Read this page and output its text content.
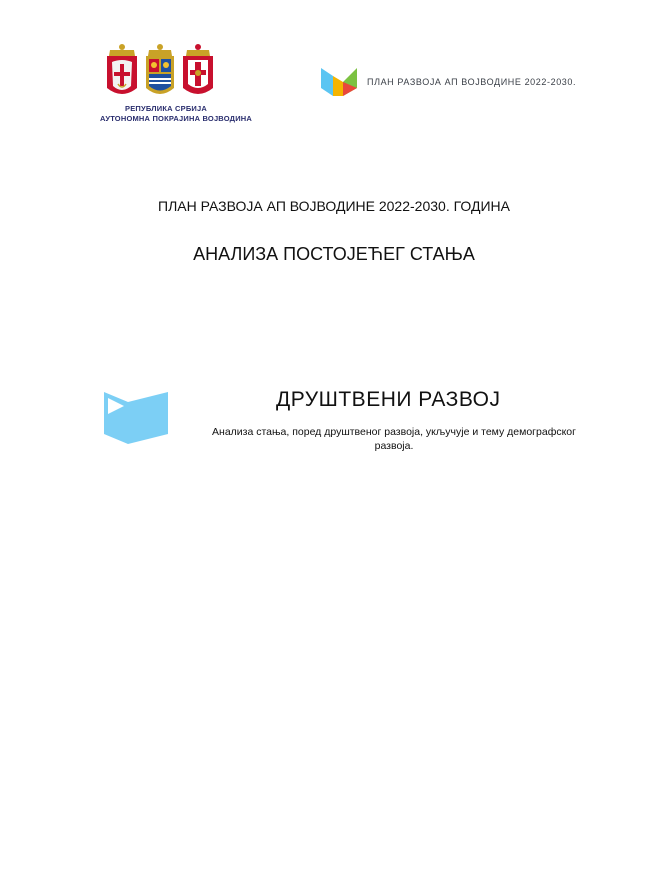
РЕПУБЛИКА СРБИЈА
АУТОНОМНА ПОКРАЈИНА ВОЈВОДИНА
ПЛАН РАЗВОЈА АП ВОЈВОДИНЕ 2022-2030.
ПЛАН РАЗВОЈА АП ВОЈВОДИНЕ 2022-2030. ГОДИНА
АНАЛИЗА ПОСТОЈЕЋЕГ СТАЊА
ДРУШТВЕНИ РАЗВОЈ
Анализа стања, поред друштвеног развоја, укључује и тему демографског развоја.
